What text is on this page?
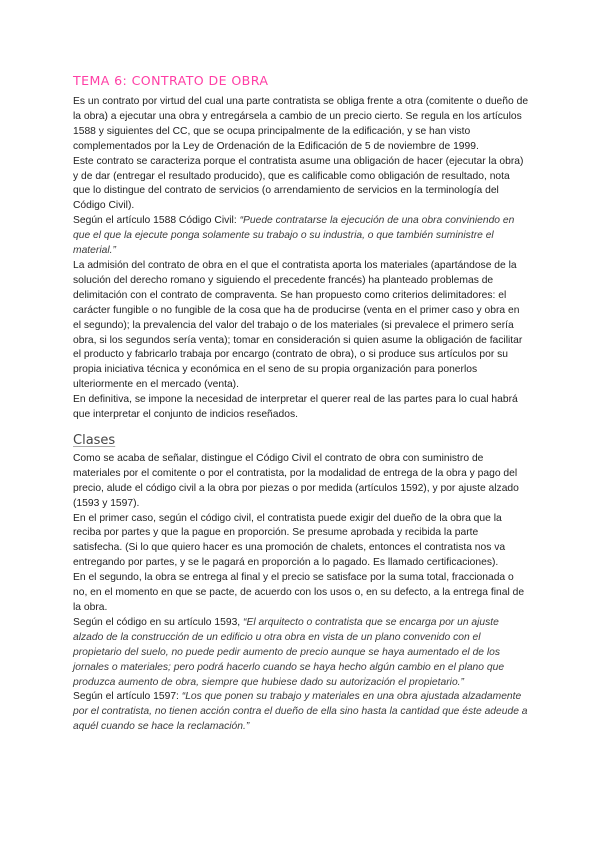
TEMA 6: CONTRATO DE OBRA

Es un contrato por virtud del cual una parte contratista se obliga frente a otra (comitente o dueño de la obra) a ejecutar una obra y entregársela a cambio de un precio cierto. Se regula en los artículos 1588 y siguientes del CC, que se ocupa principalmente de la edificación, y se han visto complementados por la Ley de Ordenación de la Edificación de 5 de noviembre de 1999.

Este contrato se caracteriza porque el contratista asume una obligación de hacer (ejecutar la obra) y de dar (entregar el resultado producido), que es calificable como obligación de resultado, nota que lo distingue del contrato de servicios (o arrendamiento de servicios en la terminología del Código Civil).

Según el artículo 1588 Código Civil: “Puede contratarse la ejecución de una obra conviniendo en que el que la ejecute ponga solamente su trabajo o su industria, o que también suministre el material.”

La admisión del contrato de obra en el que el contratista aporta los materiales (apartándose de la solución del derecho romano y siguiendo el precedente francés) ha planteado problemas de delimitación con el contrato de compraventa. Se han propuesto como criterios delimitadores: el carácter fungible o no fungible de la cosa que ha de producirse (venta en el primer caso y obra en el segundo); la prevalencia del valor del trabajo o de los materiales (si prevalece el primero sería obra, si los segundos sería venta); tomar en consideración si quien asume la obligación de facilitar el producto y fabricarlo trabaja por encargo (contrato de obra), o si produce sus artículos por su propia iniciativa técnica y económica en el seno de su propia organización para ponerlos ulteriormente en el mercado (venta).

En definitiva, se impone la necesidad de interpretar el querer real de las partes para lo cual habrá que interpretar el conjunto de indicios reseñados.

Clases

Como se acaba de señalar, distingue el Código Civil el contrato de obra con suministro de materiales por el comitente o por el contratista, por la modalidad de entrega de la obra y pago del precio, alude el código civil a la obra por piezas o por medida (artículos 1592), y por ajuste alzado (1593 y 1597).

En el primer caso, según el código civil, el contratista puede exigir del dueño de la obra que la reciba por partes y que la pague en proporción. Se presume aprobada y recibida la parte satisfecha. (Si lo que quiero hacer es una promoción de chalets, entonces el contratista nos va entregando por partes, y se le pagará en proporción a lo pagado. Es llamado certificaciones).

En el segundo, la obra se entrega al final y el precio se satisface por la suma total, fraccionada o no, en el momento en que se pacte, de acuerdo con los usos o, en su defecto, a la entrega final de la obra.

Según el código en su artículo 1593, “El arquitecto o contratista que se encarga por un ajuste alzado de la construcción de un edificio u otra obra en vista de un plano convenido con el propietario del suelo, no puede pedir aumento de precio aunque se haya aumentado el de los jornales o materiales; pero podrá hacerlo cuando se haya hecho algún cambio en el plano que produzca aumento de obra, siempre que hubiese dado su autorización el propietario.”

Según el artículo 1597: “Los que ponen su trabajo y materiales en una obra ajustada alzadamente por el contratista, no tienen acción contra el dueño de ella sino hasta la cantidad que éste adeude a aquél cuando se hace la reclamación.”
